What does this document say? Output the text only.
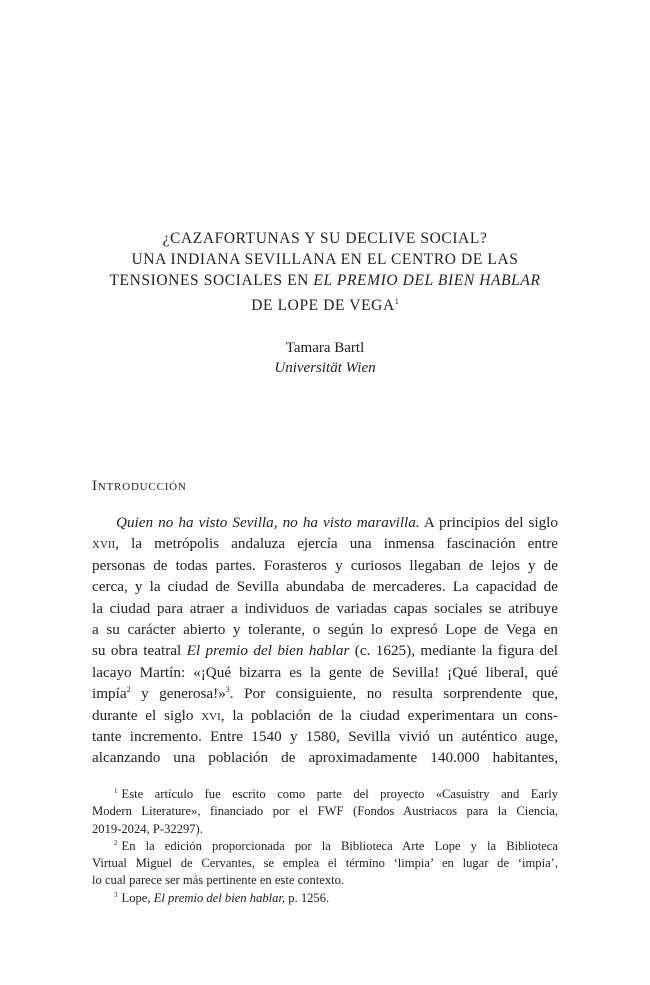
¿CAZAFORTUNAS Y SU DECLIVE SOCIAL?
UNA INDIANA SEVILLANA EN EL CENTRO DE LAS
TENSIONES SOCIALES EN EL PREMIO DEL BIEN HABLAR
DE LOPE DE VEGA$^1$
Tamara Bartl
Universität Wien
Introducción
Quien no ha visto Sevilla, no ha visto maravilla. A principios del siglo
xvii, la metrópolis andaluza ejercía una inmensa fascinación entre
personas de todas partes. Forasteros y curiosos llegaban de lejos y de
cerca, y la ciudad de Sevilla abundaba de mercaderes. La capacidad de
la ciudad para atraer a individuos de variadas capas sociales se atribuye
a su carácter abierto y tolerante, o según lo expresó Lope de Vega en
su obra teatral El premio del bien hablar (c. 1625), mediante la figura del
lacayo Martín: «¡Qué bizarra es la gente de Sevilla! ¡Qué liberal, qué
impía$^2$ y generosa!»$^3$. Por consiguiente, no resulta sorprendente que,
durante el siglo xvi, la población de la ciudad experimentara un cons-
tante incremento. Entre 1540 y 1580, Sevilla vivió un auténtico auge,
alcanzando una población de aproximadamente 140.000 habitantes,
$^1$ Este artículo fue escrito como parte del proyecto «Casuistry and Early
Modern Literature», financiado por el FWF (Fondos Austriacos para la Ciencia,
2019-2024, P-32297).
$^2$ En la edición proporcionada por la Biblioteca Arte Lope y la Biblioteca
Virtual Miguel de Cervantes, se emplea el término ‘limpia’ en lugar de ‘impía’,
lo cual parece ser más pertinente en este contexto.
$^3$ Lope, El premio del bien hablar, p. 1256.
